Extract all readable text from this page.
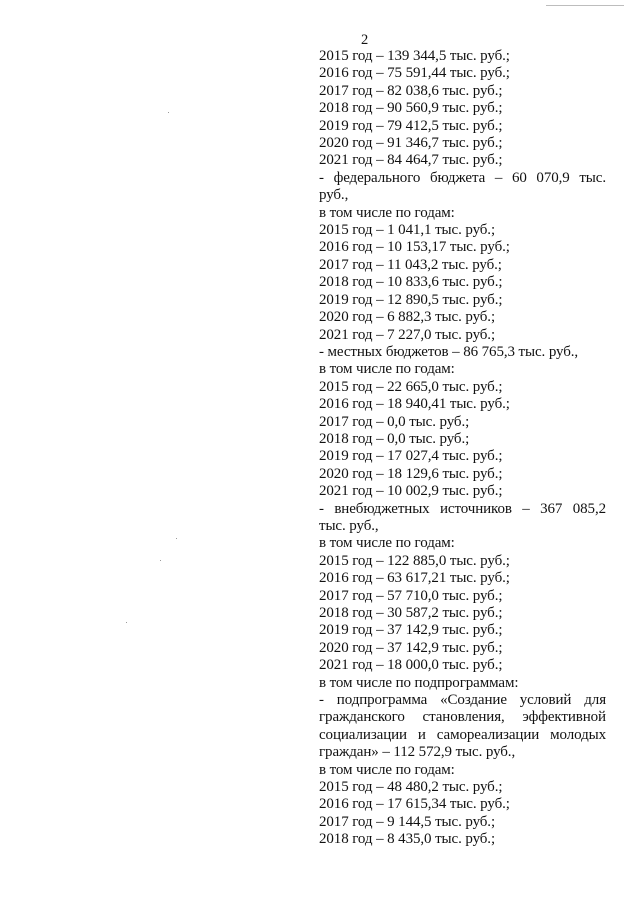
2
2015 год – 139 344,5 тыс. руб.;
2016 год – 75 591,44 тыс. руб.;
2017 год – 82 038,6 тыс. руб.;
2018 год – 90 560,9 тыс. руб.;
2019 год – 79 412,5 тыс. руб.;
2020 год – 91 346,7 тыс. руб.;
2021 год – 84 464,7 тыс. руб.;
- федерального бюджета – 60 070,9 тыс.
руб.,
в том числе по годам:
2015 год – 1 041,1 тыс. руб.;
2016 год – 10 153,17 тыс. руб.;
2017 год – 11 043,2 тыс. руб.;
2018 год – 10 833,6 тыс. руб.;
2019 год – 12 890,5 тыс. руб.;
2020 год – 6 882,3 тыс. руб.;
2021 год – 7 227,0 тыс. руб.;
- местных бюджетов – 86 765,3 тыс. руб.,
в том числе по годам:
2015 год – 22 665,0 тыс. руб.;
2016 год – 18 940,41 тыс. руб.;
2017 год – 0,0 тыс. руб.;
2018 год – 0,0 тыс. руб.;
2019 год – 17 027,4 тыс. руб.;
2020 год – 18 129,6 тыс. руб.;
2021 год – 10 002,9 тыс. руб.;
- внебюджетных источников – 367 085,2
тыс. руб.,
в том числе по годам:
2015 год – 122 885,0 тыс. руб.;
2016 год – 63 617,21 тыс. руб.;
2017 год – 57 710,0 тыс. руб.;
2018 год – 30 587,2 тыс. руб.;
2019 год – 37 142,9 тыс. руб.;
2020 год – 37 142,9 тыс. руб.;
2021 год – 18 000,0 тыс. руб.;
в том числе по подпрограммам:
- подпрограмма «Создание условий для
гражданского становления, эффективной
социализации и самореализации молодых
граждан» – 112 572,9 тыс. руб.,
в том числе по годам:
2015 год – 48 480,2 тыс. руб.;
2016 год – 17 615,34 тыс. руб.;
2017 год – 9 144,5 тыс. руб.;
2018 год – 8 435,0 тыс. руб.;
